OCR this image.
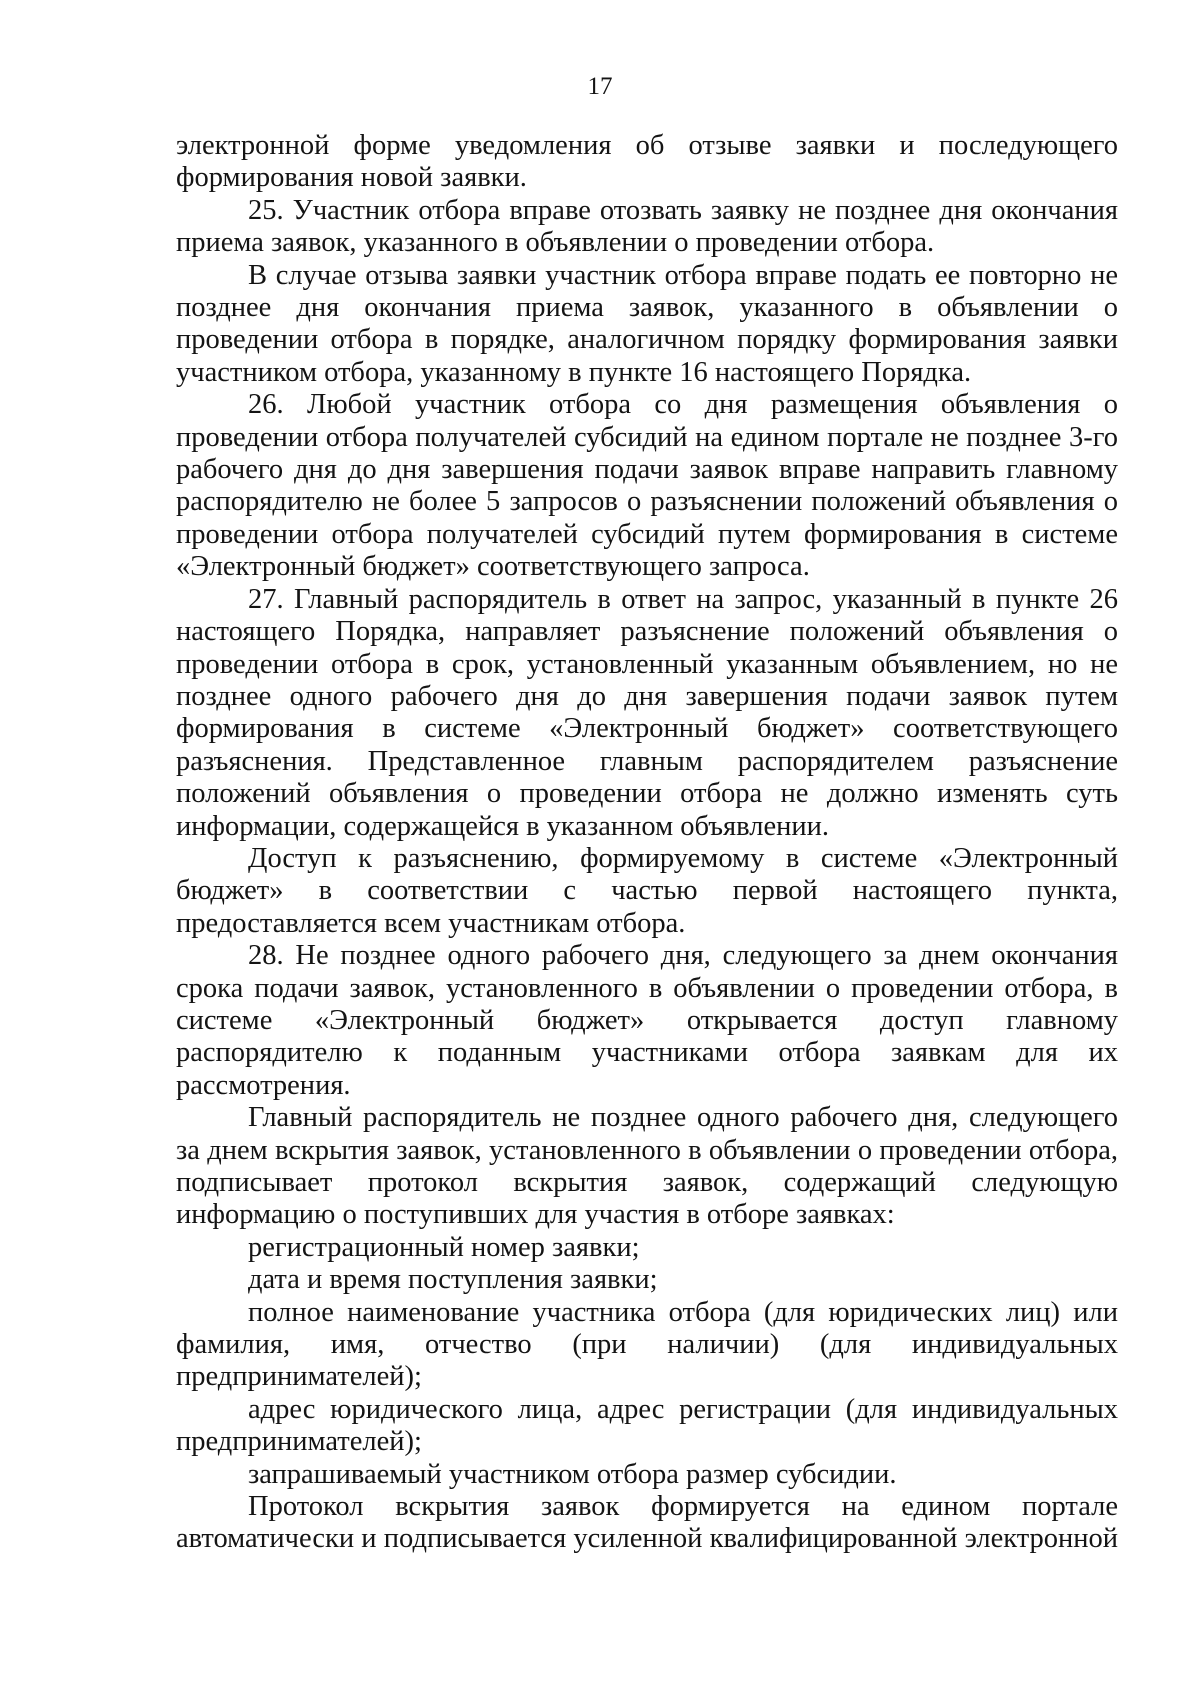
17

электронной форме уведомления об отзыве заявки и последующего формирования новой заявки.

25. Участник отбора вправе отозвать заявку не позднее дня окончания приема заявок, указанного в объявлении о проведении отбора.

В случае отзыва заявки участник отбора вправе подать ее повторно не позднее дня окончания приема заявок, указанного в объявлении о проведении отбора в порядке, аналогичном порядку формирования заявки участником отбора, указанному в пункте 16 настоящего Порядка.

26. Любой участник отбора со дня размещения объявления о проведении отбора получателей субсидий на едином портале не позднее 3-го рабочего дня до дня завершения подачи заявок вправе направить главному распорядителю не более 5 запросов о разъяснении положений объявления о проведении отбора получателей субсидий путем формирования в системе «Электронный бюджет» соответствующего запроса.

27. Главный распорядитель в ответ на запрос, указанный в пункте 26 настоящего Порядка, направляет разъяснение положений объявления о проведении отбора в срок, установленный указанным объявлением, но не позднее одного рабочего дня до дня завершения подачи заявок путем формирования в системе «Электронный бюджет» соответствующего разъяснения. Представленное главным распорядителем разъяснение положений объявления о проведении отбора не должно изменять суть информации, содержащейся в указанном объявлении.

Доступ к разъяснению, формируемому в системе «Электронный бюджет» в соответствии с частью первой настоящего пункта, предоставляется всем участникам отбора.

28. Не позднее одного рабочего дня, следующего за днем окончания срока подачи заявок, установленного в объявлении о проведении отбора, в системе «Электронный бюджет» открывается доступ главному распорядителю к поданным участниками отбора заявкам для их рассмотрения.

Главный распорядитель не позднее одного рабочего дня, следующего за днем вскрытия заявок, установленного в объявлении о проведении отбора, подписывает протокол вскрытия заявок, содержащий следующую информацию о поступивших для участия в отборе заявках:

регистрационный номер заявки;

дата и время поступления заявки;

полное наименование участника отбора (для юридических лиц) или фамилия, имя, отчество (при наличии) (для индивидуальных предпринимателей);

адрес юридического лица, адрес регистрации (для индивидуальных предпринимателей);

запрашиваемый участником отбора размер субсидии.

Протокол вскрытия заявок формируется на едином портале автоматически и подписывается усиленной квалифицированной электронной
